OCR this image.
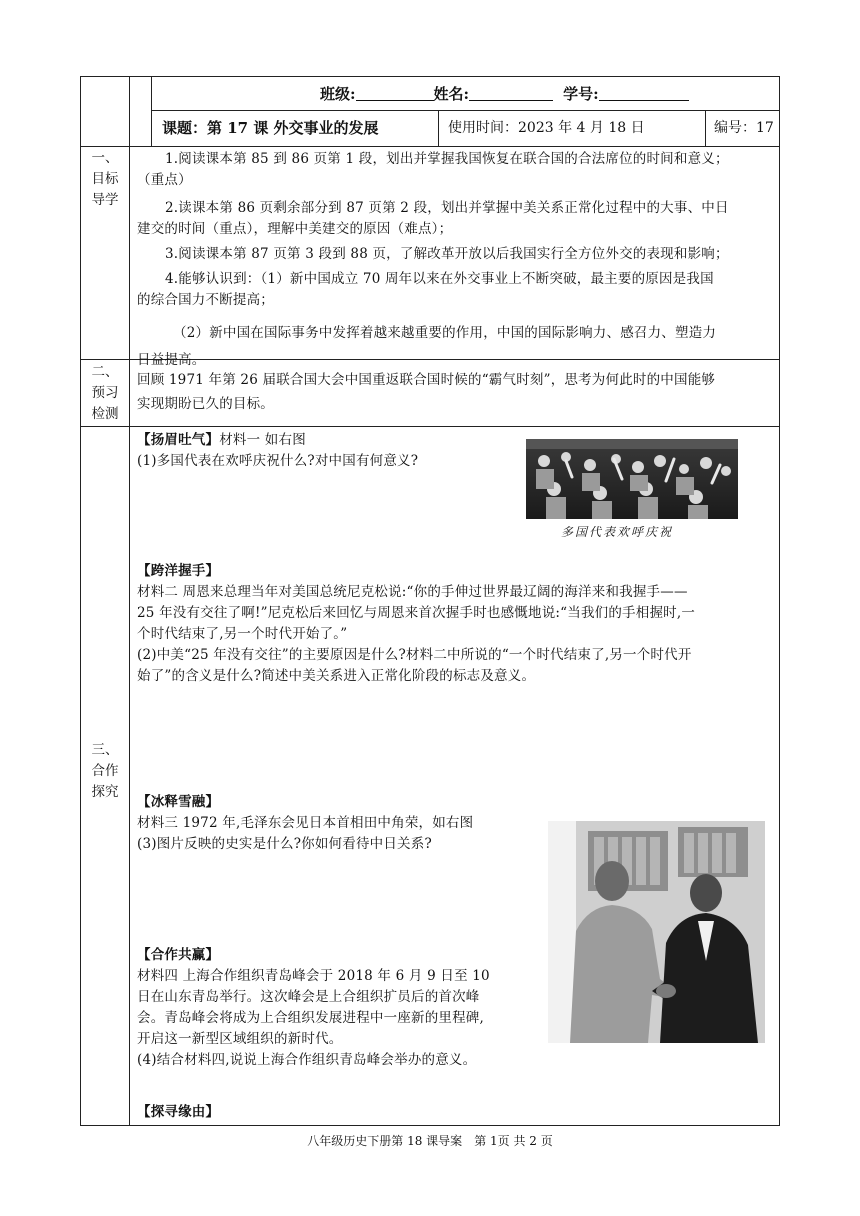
班级:	姓名:	学号:
课题：第 17 课 外交事业的发展	使用时间：2023 年 4 月 18 日	编号：17
一、
目标
导学
1.阅读课本第 85 到 86 页第 1 段，划出并掌握我国恢复在联合国的合法席位的时间和意义；
（重点）
2.读课本第 86 页剩余部分到 87 页第 2 段，划出并掌握中美关系正常化过程中的大事、中日
建交的时间（重点），理解中美建交的原因（难点）；
3.阅读课本第 87 页第 3 段到 88 页，了解改革开放以后我国实行全方位外交的表现和影响；
4.能够认识到：（1）新中国成立 70 周年以来在外交事业上不断突破，最主要的原因是我国
的综合国力不断提高；
（2）新中国在国际事务中发挥着越来越重要的作用，中国的国际影响力、感召力、塑造力
日益提高。
二、
预习
检测
回顾 1971 年第 26 届联合国大会中国重返联合国时候的“霸气时刻”，思考为何此时的中国能够
实现期盼已久的目标。
三、
合作
探究
【扬眉吐气】材料一 如右图
(1)多国代表在欢呼庆祝什么?对中国有何意义?
多国代表欢呼庆祝
【跨洋握手】
材料二 周恩来总理当年对美国总统尼克松说:“你的手伸过世界最辽阔的海洋来和我握手——
25 年没有交往了啊!”尼克松后来回忆与周恩来首次握手时也感慨地说:“当我们的手相握时,一
个时代结束了,另一个时代开始了。”
(2)中美“25 年没有交往”的主要原因是什么?材料二中所说的“一个时代结束了,另一个时代开
始了”的含义是什么?简述中美关系进入正常化阶段的标志及意义。
【冰释雪融】
材料三 1972 年,毛泽东会见日本首相田中角荣，如右图
(3)图片反映的史实是什么?你如何看待中日关系?
【合作共赢】
材料四 上海合作组织青岛峰会于 2018 年 6 月 9 日至 10
日在山东青岛举行。这次峰会是上合组织扩员后的首次峰
会。青岛峰会将成为上合组织发展进程中一座新的里程碑,
开启这一新型区域组织的新时代。
(4)结合材料四,说说上海合作组织青岛峰会举办的意义。
【探寻缘由】
八年级历史下册第 18 课导案 第 1页 共 2 页
